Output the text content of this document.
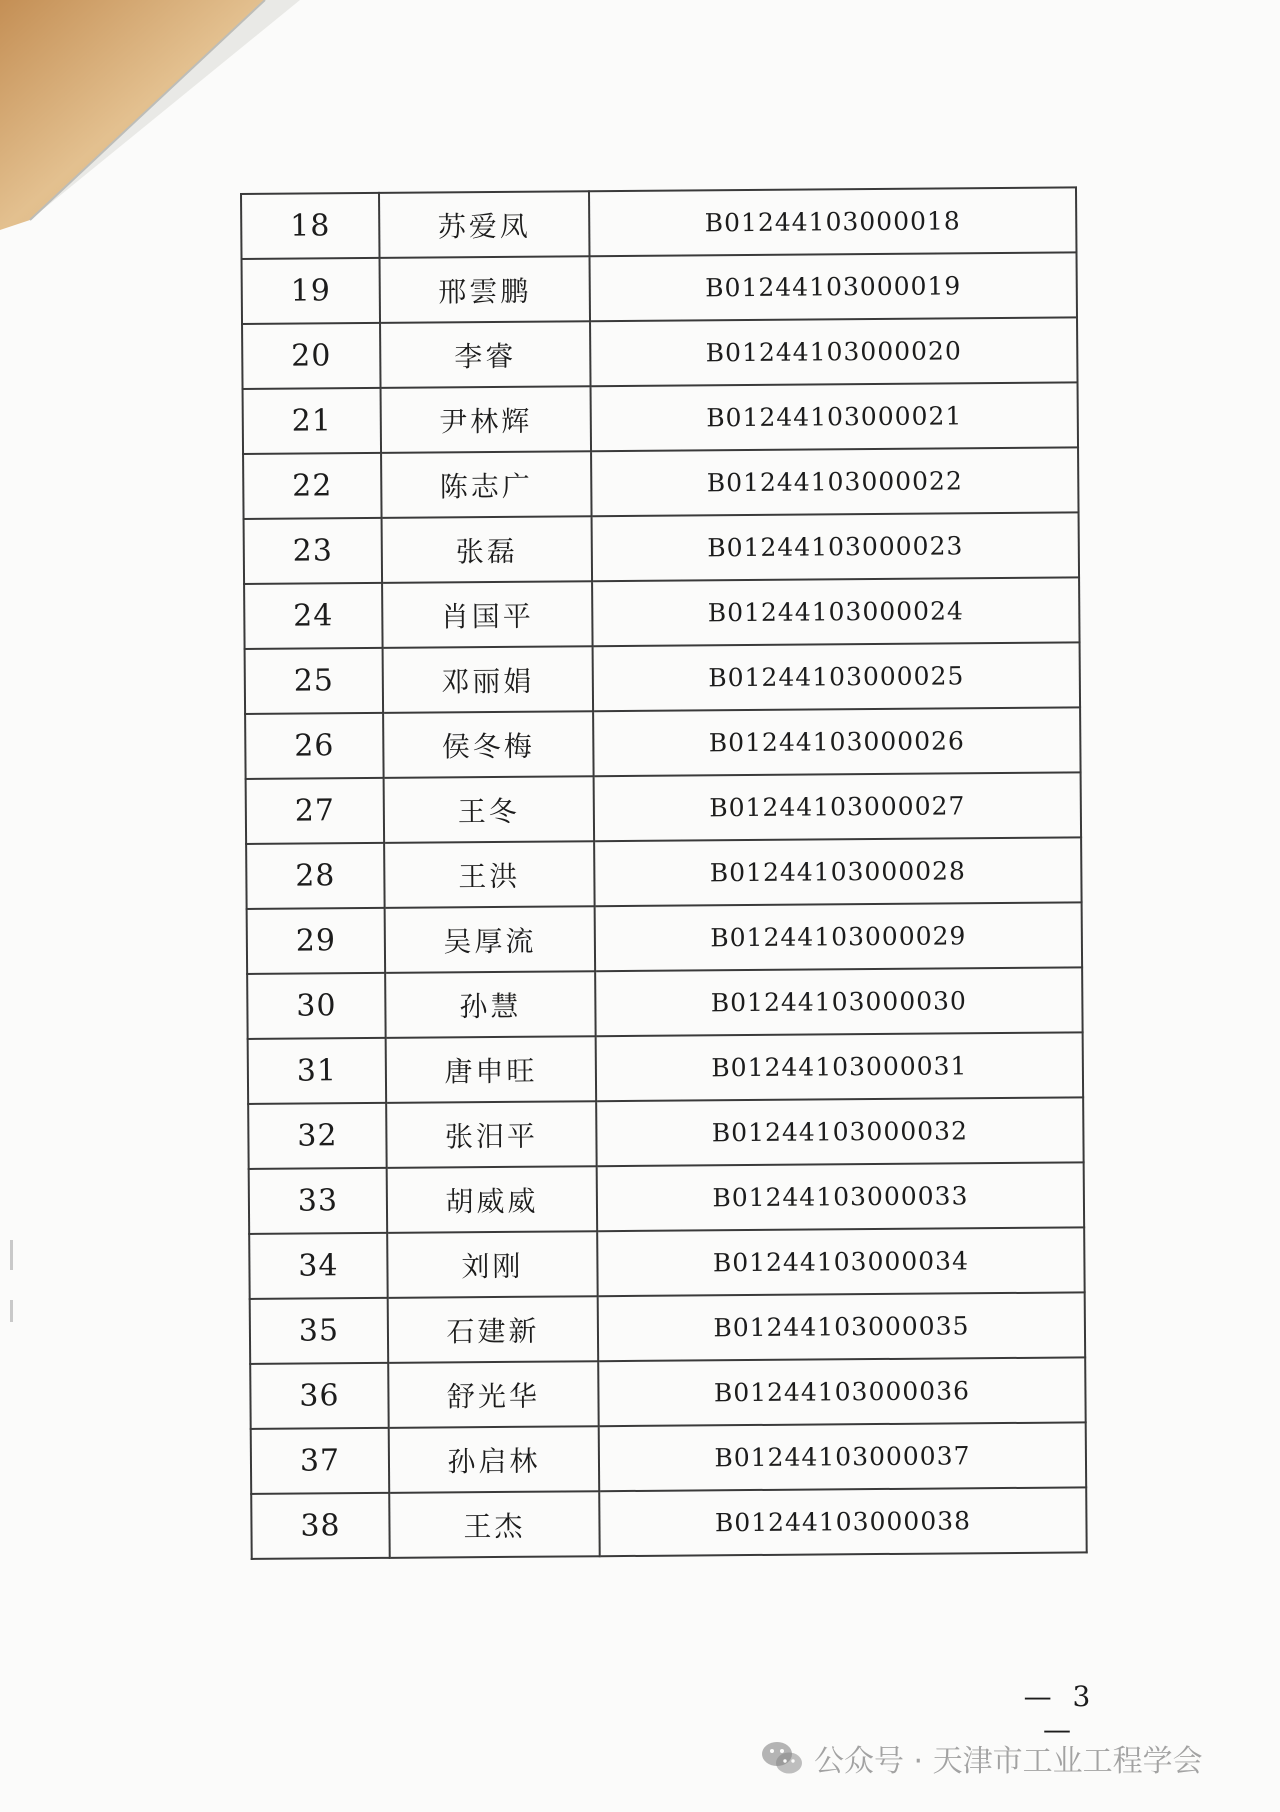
18	苏爱凤	B01244103000018
19	邢雲鹏	B01244103000019
20	李睿	B01244103000020
21	尹林辉	B01244103000021
22	陈志广	B01244103000022
23	张磊	B01244103000023
24	肖国平	B01244103000024
25	邓丽娟	B01244103000025
26	侯冬梅	B01244103000026
27	王冬	B01244103000027
28	王洪	B01244103000028
29	吴厚流	B01244103000029
30	孙慧	B01244103000030
31	唐申旺	B01244103000031
32	张汨平	B01244103000032
33	胡威威	B01244103000033
34	刘刚	B01244103000034
35	石建新	B01244103000035
36	舒光华	B01244103000036
37	孙启林	B01244103000037
38	王杰	B01244103000038
— 3 —
公众号 · 天津市工业工程学会
